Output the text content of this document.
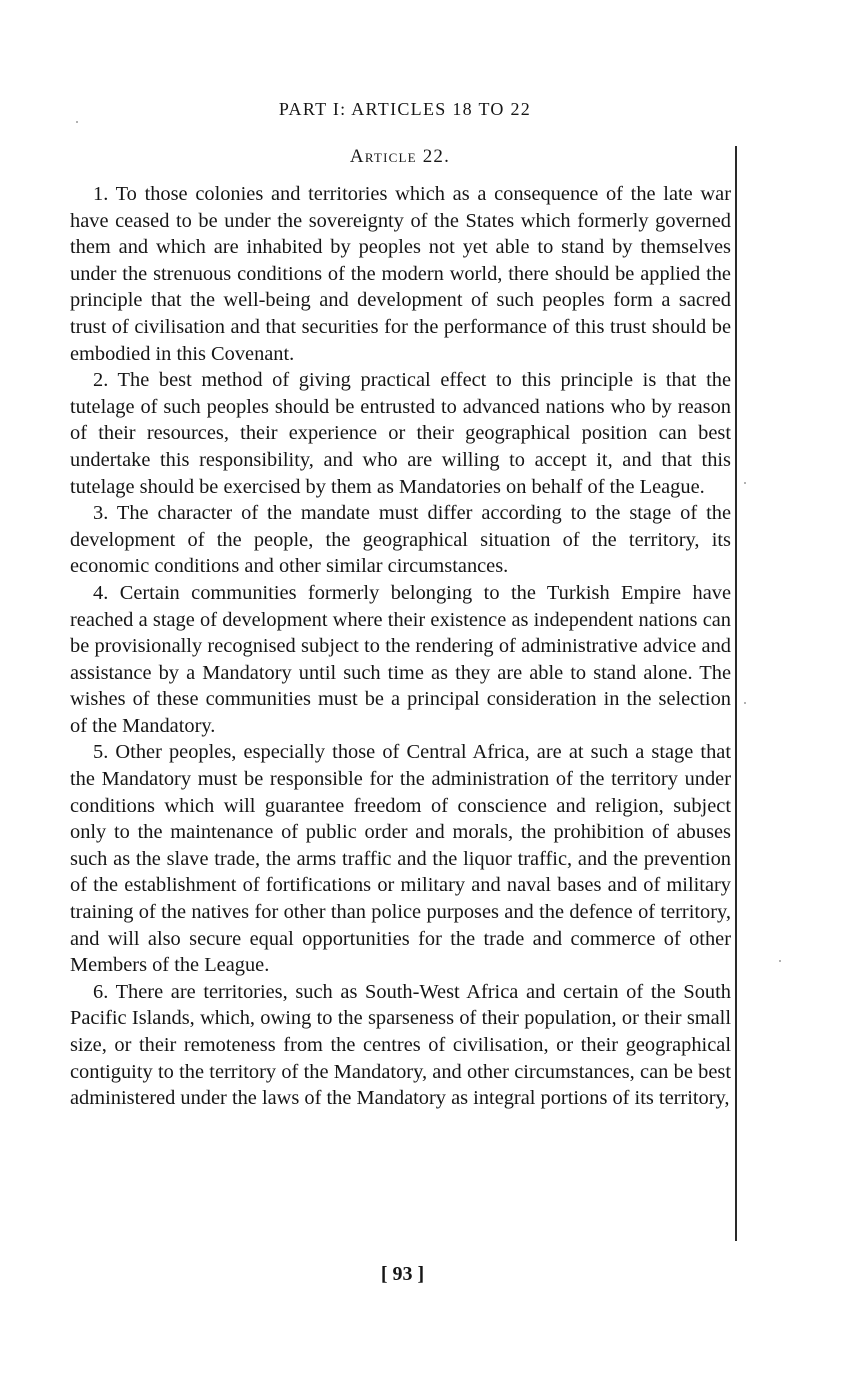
PART I: ARTICLES 18 TO 22
Article 22.

1. To those colonies and territories which as a consequence of the late war have ceased to be under the sovereignty of the States which formerly governed them and which are inhabited by peoples not yet able to stand by themselves under the strenuous conditions of the modern world, there should be applied the principle that the well-being and development of such peoples form a sacred trust of civilisation and that securities for the performance of this trust should be embodied in this Covenant.

2. The best method of giving practical effect to this principle is that the tutelage of such peoples should be entrusted to advanced nations who by reason of their resources, their experience or their geographical position can best undertake this responsibility, and who are willing to accept it, and that this tutelage should be exercised by them as Mandatories on behalf of the League.

3. The character of the mandate must differ according to the stage of the development of the people, the geographical situation of the territory, its economic conditions and other similar circumstances.

4. Certain communities formerly belonging to the Turkish Empire have reached a stage of development where their existence as independent nations can be provisionally recognised subject to the rendering of administrative advice and assistance by a Mandatory until such time as they are able to stand alone. The wishes of these communities must be a principal consideration in the selection of the Mandatory.

5. Other peoples, especially those of Central Africa, are at such a stage that the Mandatory must be responsible for the administration of the territory under conditions which will guarantee freedom of conscience and religion, subject only to the maintenance of public order and morals, the prohibition of abuses such as the slave trade, the arms traffic and the liquor traffic, and the prevention of the establishment of fortifications or military and naval bases and of military training of the natives for other than police purposes and the defence of territory, and will also secure equal opportunities for the trade and commerce of other Members of the League.

6. There are territories, such as South-West Africa and certain of the South Pacific Islands, which, owing to the sparseness of their population, or their small size, or their remoteness from the centres of civilisation, or their geographical contiguity to the territory of the Mandatory, and other circumstances, can be best administered under the laws of the Mandatory as integral portions of its territory,

[ 93 ]
